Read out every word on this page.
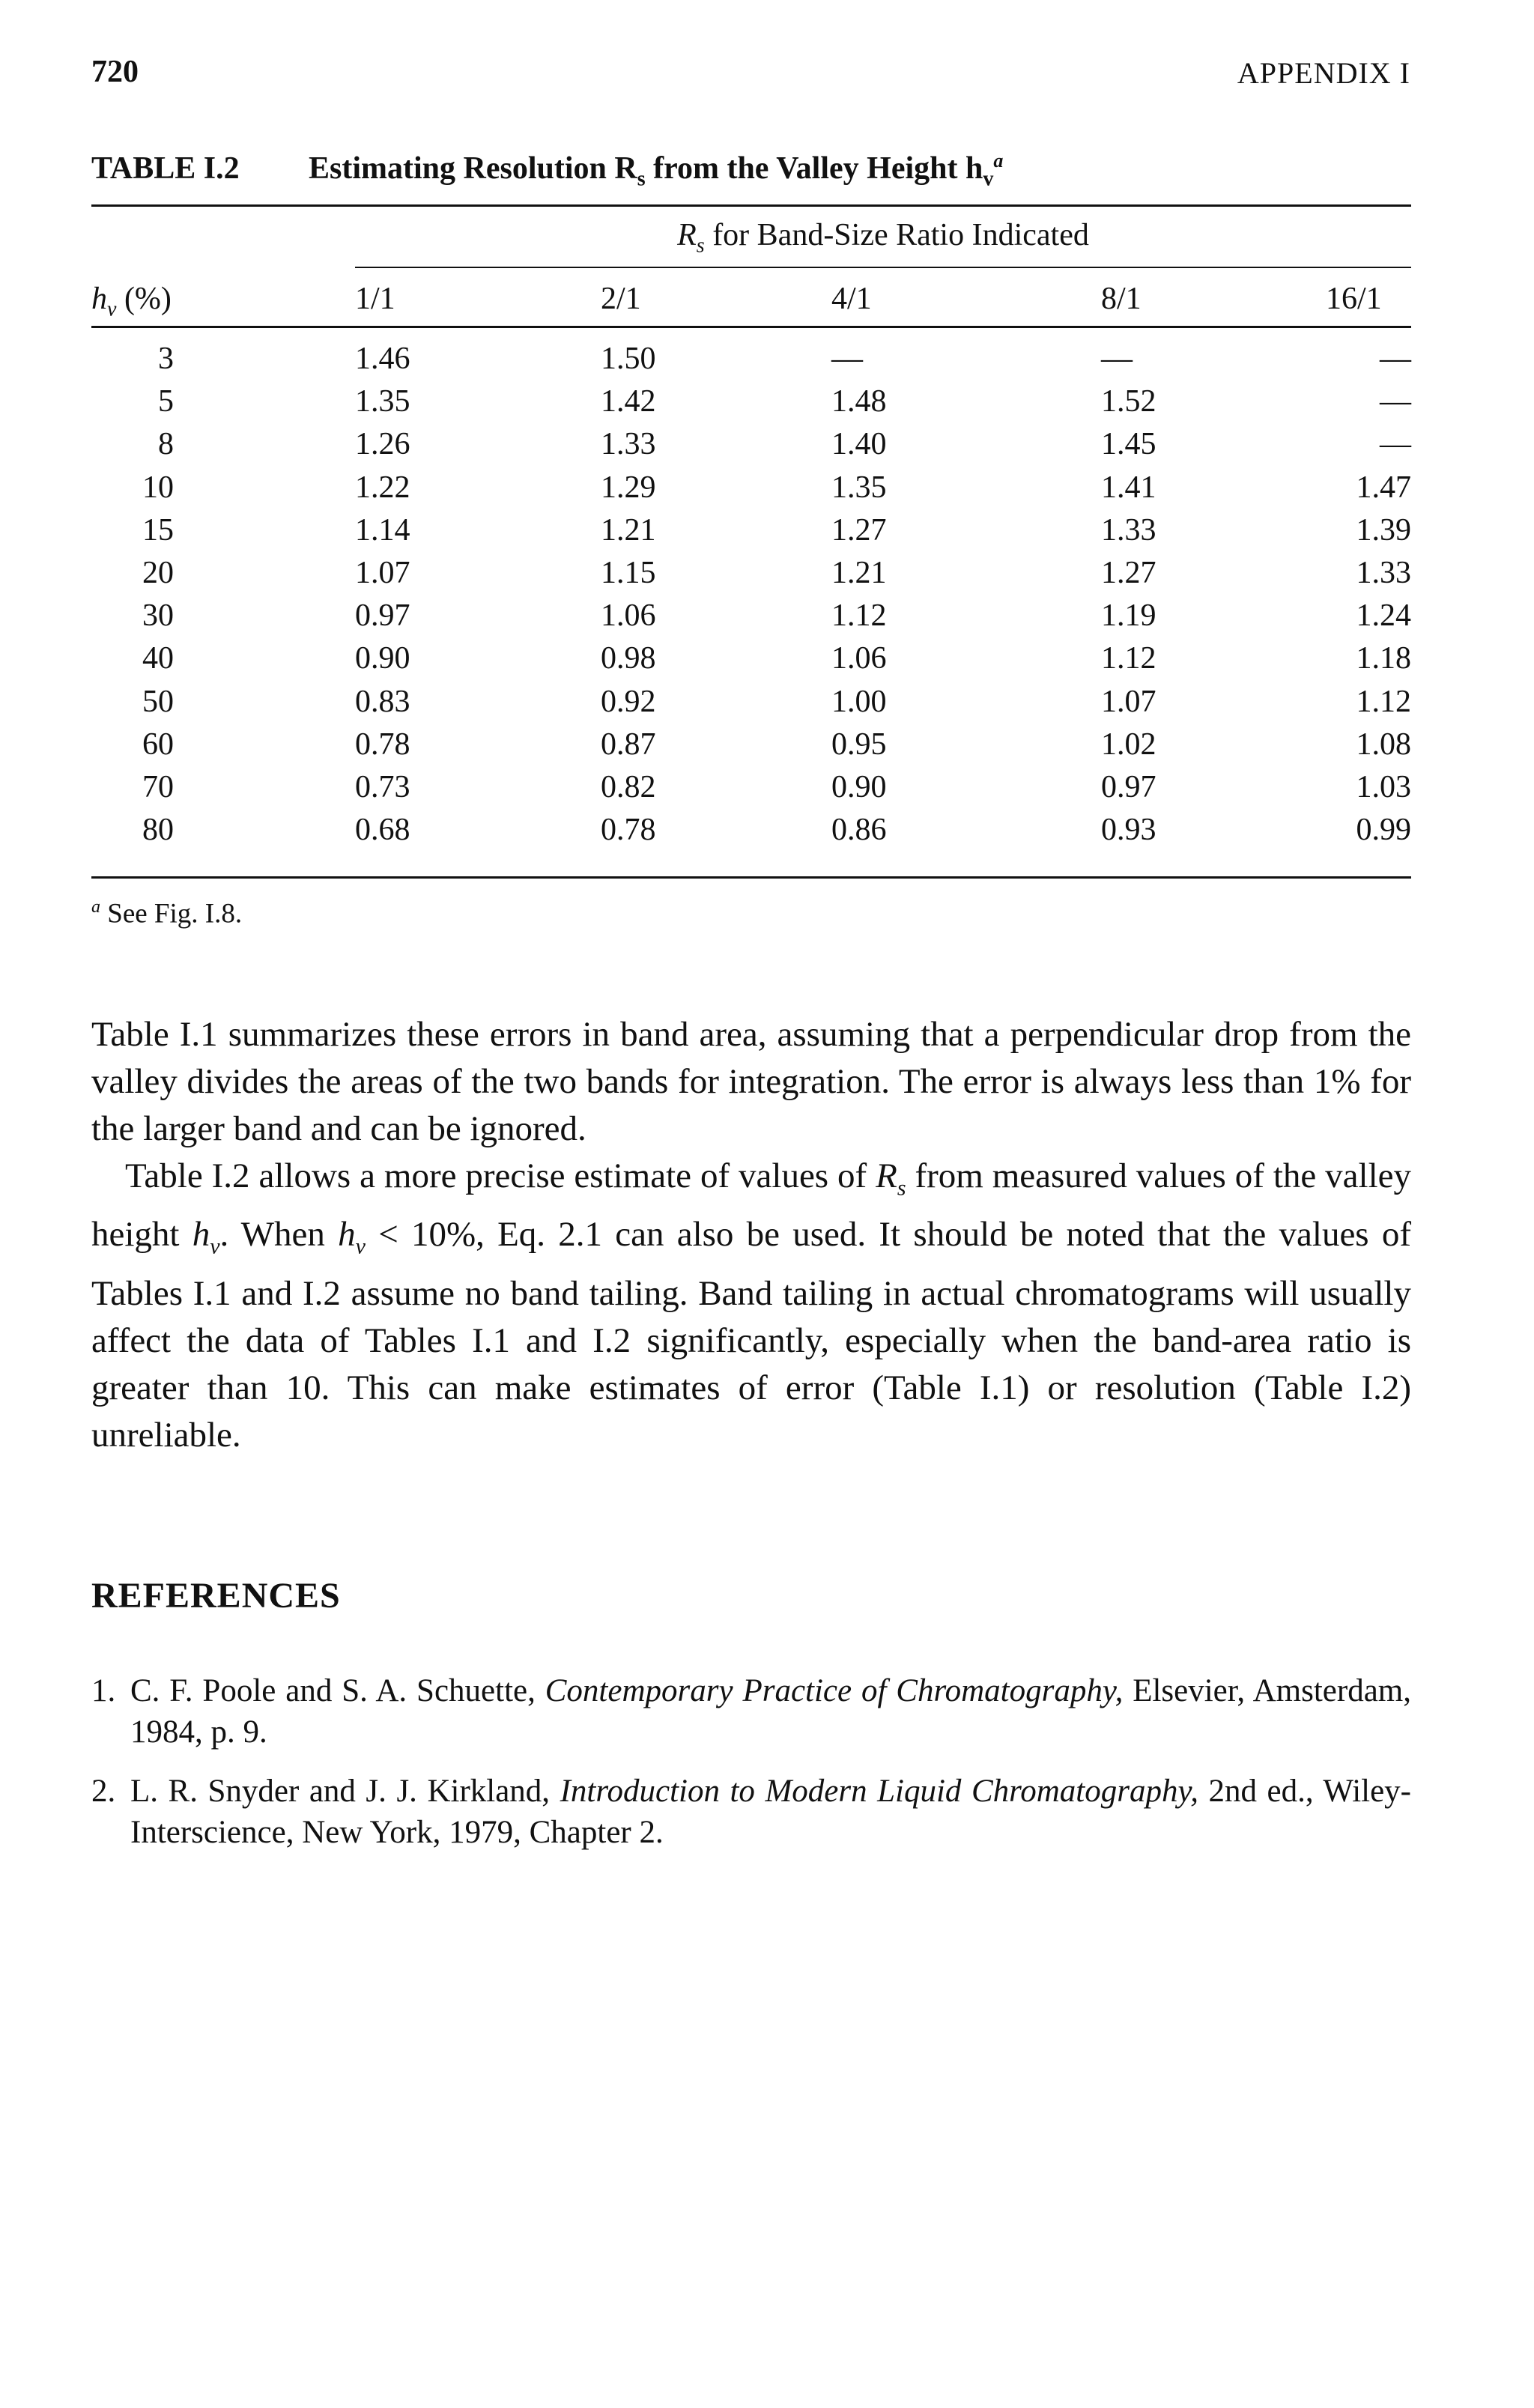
720	APPENDIX I
TABLE I.2 Estimating Resolution $R_s$ from the Valley Height $h_v^a$
$R_s$ for Band-Size Ratio Indicated
$h_v$ (%)	1/1	2/1	4/1	8/1	16/1
3	1.46	1.50	—	—	—
5	1.35	1.42	1.48	1.52	—
8	1.26	1.33	1.40	1.45	—
10	1.22	1.29	1.35	1.41	1.47
15	1.14	1.21	1.27	1.33	1.39
20	1.07	1.15	1.21	1.27	1.33
30	0.97	1.06	1.12	1.19	1.24
40	0.90	0.98	1.06	1.12	1.18
50	0.83	0.92	1.00	1.07	1.12
60	0.78	0.87	0.95	1.02	1.08
70	0.73	0.82	0.90	0.97	1.03
80	0.68	0.78	0.86	0.93	0.99
$^a$ See Fig. I.8.

Table I.1 summarizes these errors in band area, assuming that a perpendicular drop from the valley divides the areas of the two bands for integration. The error is always less than 1% for the larger band and can be ignored.

Table I.2 allows a more precise estimate of values of $R_s$ from measured values of the valley height $h_v$. When $h_v < 10\%$, Eq. 2.1 can also be used. It should be noted that the values of Tables I.1 and I.2 assume no band tailing. Band tailing in actual chromatograms will usually affect the data of Tables I.1 and I.2 significantly, especially when the band-area ratio is greater than 10. This can make estimates of error (Table I.1) or resolution (Table I.2) unreliable.

REFERENCES
1. C. F. Poole and S. A. Schuette, Contemporary Practice of Chromatography, Elsevier, Amsterdam, 1984, p. 9.
2. L. R. Snyder and J. J. Kirkland, Introduction to Modern Liquid Chromatography, 2nd ed., Wiley-Interscience, New York, 1979, Chapter 2.
